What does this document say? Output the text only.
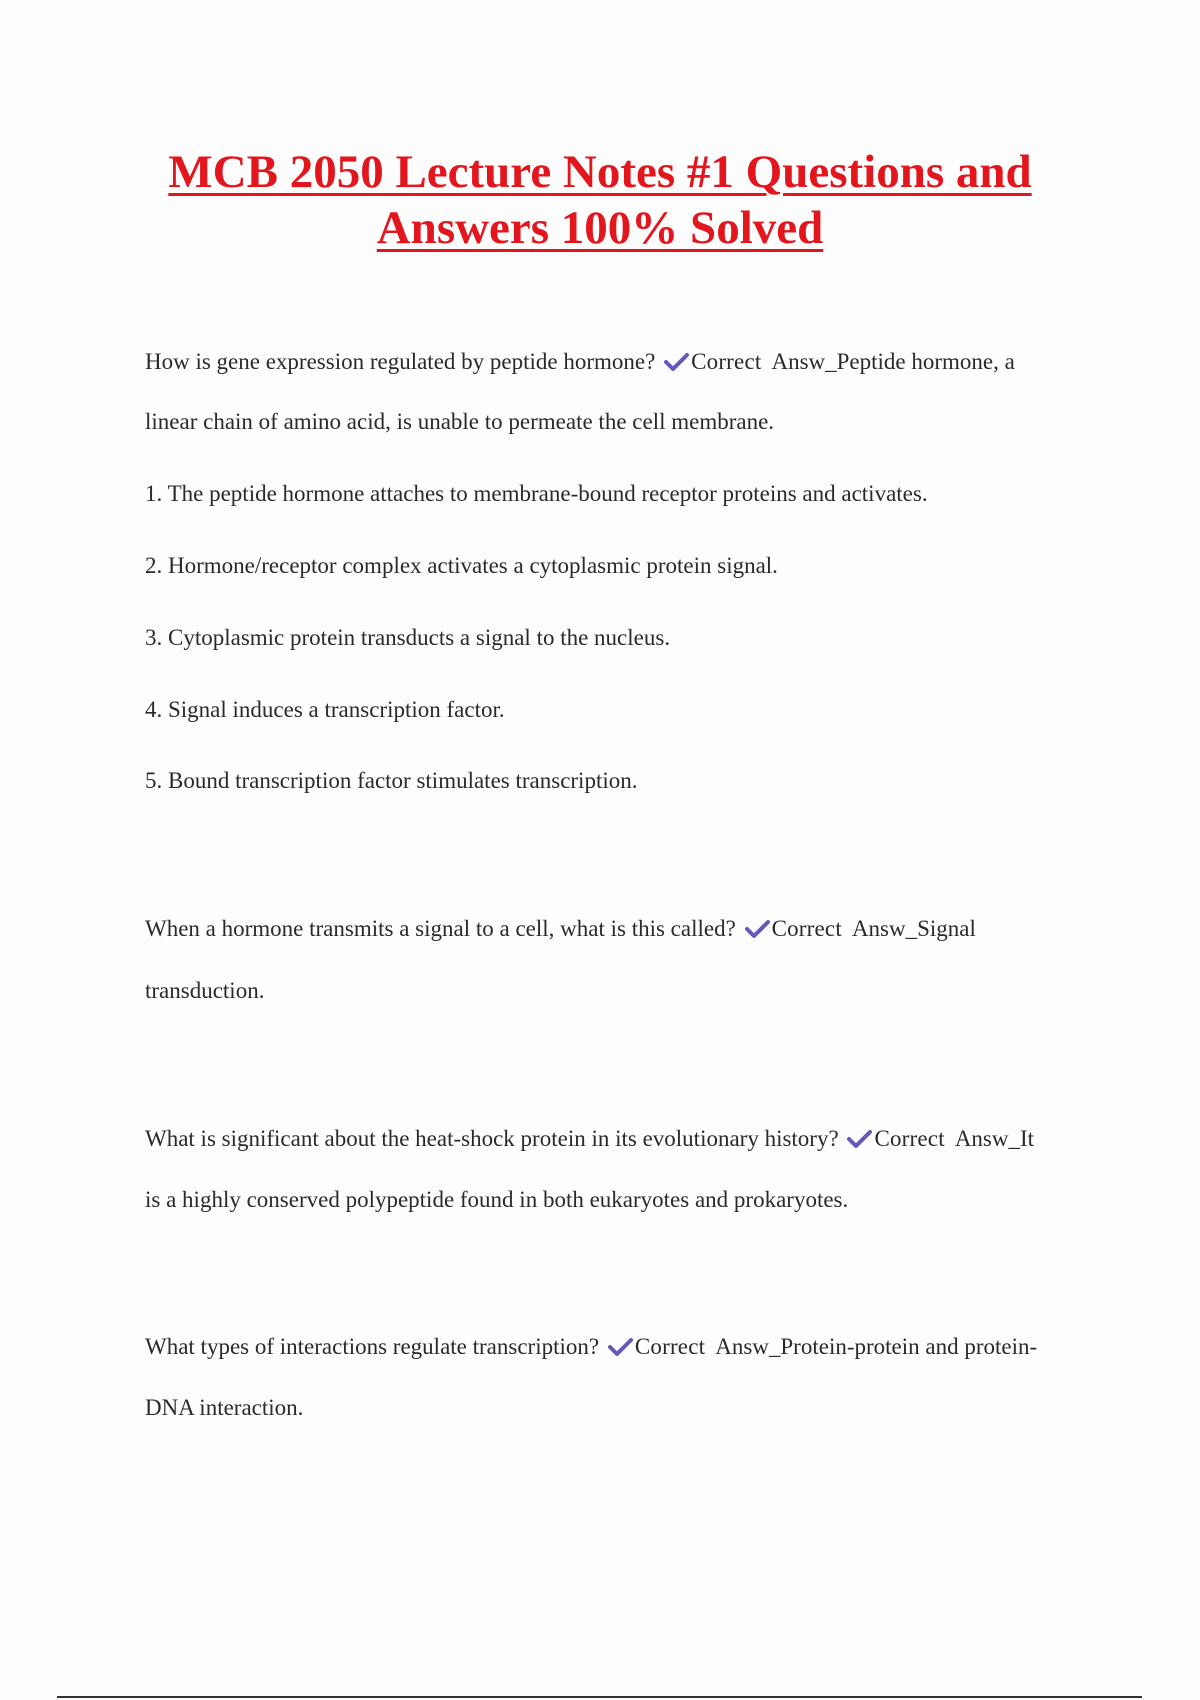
MCB 2050 Lecture Notes #1 Questions and
Answers 100% Solved
How is gene expression regulated by peptide hormone? Correct Answ_Peptide hormone, a
linear chain of amino acid, is unable to permeate the cell membrane.
1. The peptide hormone attaches to membrane-bound receptor proteins and activates.
2. Hormone/receptor complex activates a cytoplasmic protein signal.
3. Cytoplasmic protein transducts a signal to the nucleus.
4. Signal induces a transcription factor.
5. Bound transcription factor stimulates transcription.
When a hormone transmits a signal to a cell, what is this called? Correct Answ_Signal
transduction.
What is significant about the heat-shock protein in its evolutionary history? Correct Answ_It
is a highly conserved polypeptide found in both eukaryotes and prokaryotes.
What types of interactions regulate transcription? Correct Answ_Protein-protein and protein-
DNA interaction.
